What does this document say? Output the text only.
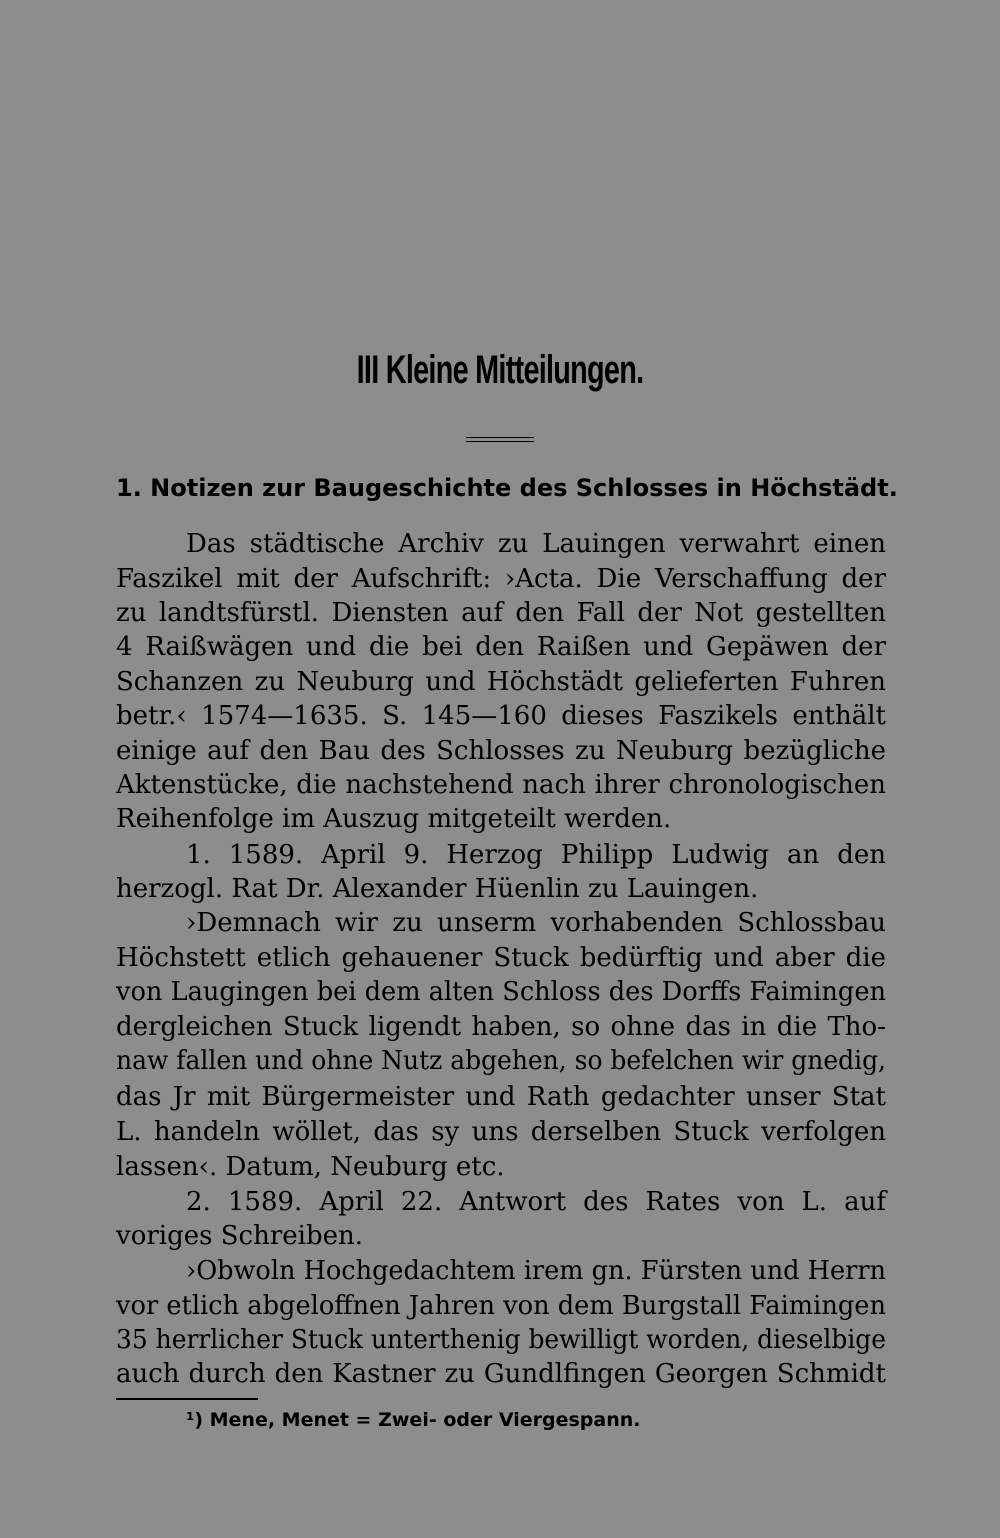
III Kleine Mitteilungen.
1. Notizen zur Baugeschichte des Schlosses in Höchstädt.
Das städtische Archiv zu Lauingen verwahrt einen
Faszikel mit der Aufschrift: ›Acta. Die Verschaffung der
zu landtsfürstl. Diensten auf den Fall der Not gestellten
4 Raißwägen und die bei den Raißen und Gepäwen der
Schanzen zu Neuburg und Höchstädt gelieferten Fuhren
betr.‹ 1574—1635. S. 145—160 dieses Faszikels enthält
einige auf den Bau des Schlosses zu Neuburg bezügliche
Aktenstücke, die nachstehend nach ihrer chronologischen
Reihenfolge im Auszug mitgeteilt werden.
1. 1589. April 9. Herzog Philipp Ludwig an den
herzogl. Rat Dr. Alexander Hüenlin zu Lauingen.
›Demnach wir zu unserm vorhabenden Schlossbau
Höchstett etlich gehauener Stuck bedürftig und aber die
von Laugingen bei dem alten Schloss des Dorffs Faimingen
dergleichen Stuck ligendt haben, so ohne das in die Tho-
naw fallen und ohne Nutz abgehen, so befelchen wir gnedig,
das Jr mit Bürgermeister und Rath gedachter unser Stat
L. handeln wöllet, das sy uns derselben Stuck verfolgen
lassen‹. Datum, Neuburg etc.
2. 1589. April 22. Antwort des Rates von L. auf
voriges Schreiben.
›Obwoln Hochgedachtem irem gn. Fürsten und Herrn
vor etlich abgeloffnen Jahren von dem Burgstall Faimingen
35 herrlicher Stuck unterthenig bewilligt worden, dieselbige
auch durch den Kastner zu Gundlfingen Georgen Schmidt
¹) Mene, Menet = Zwei- oder Viergespann.
